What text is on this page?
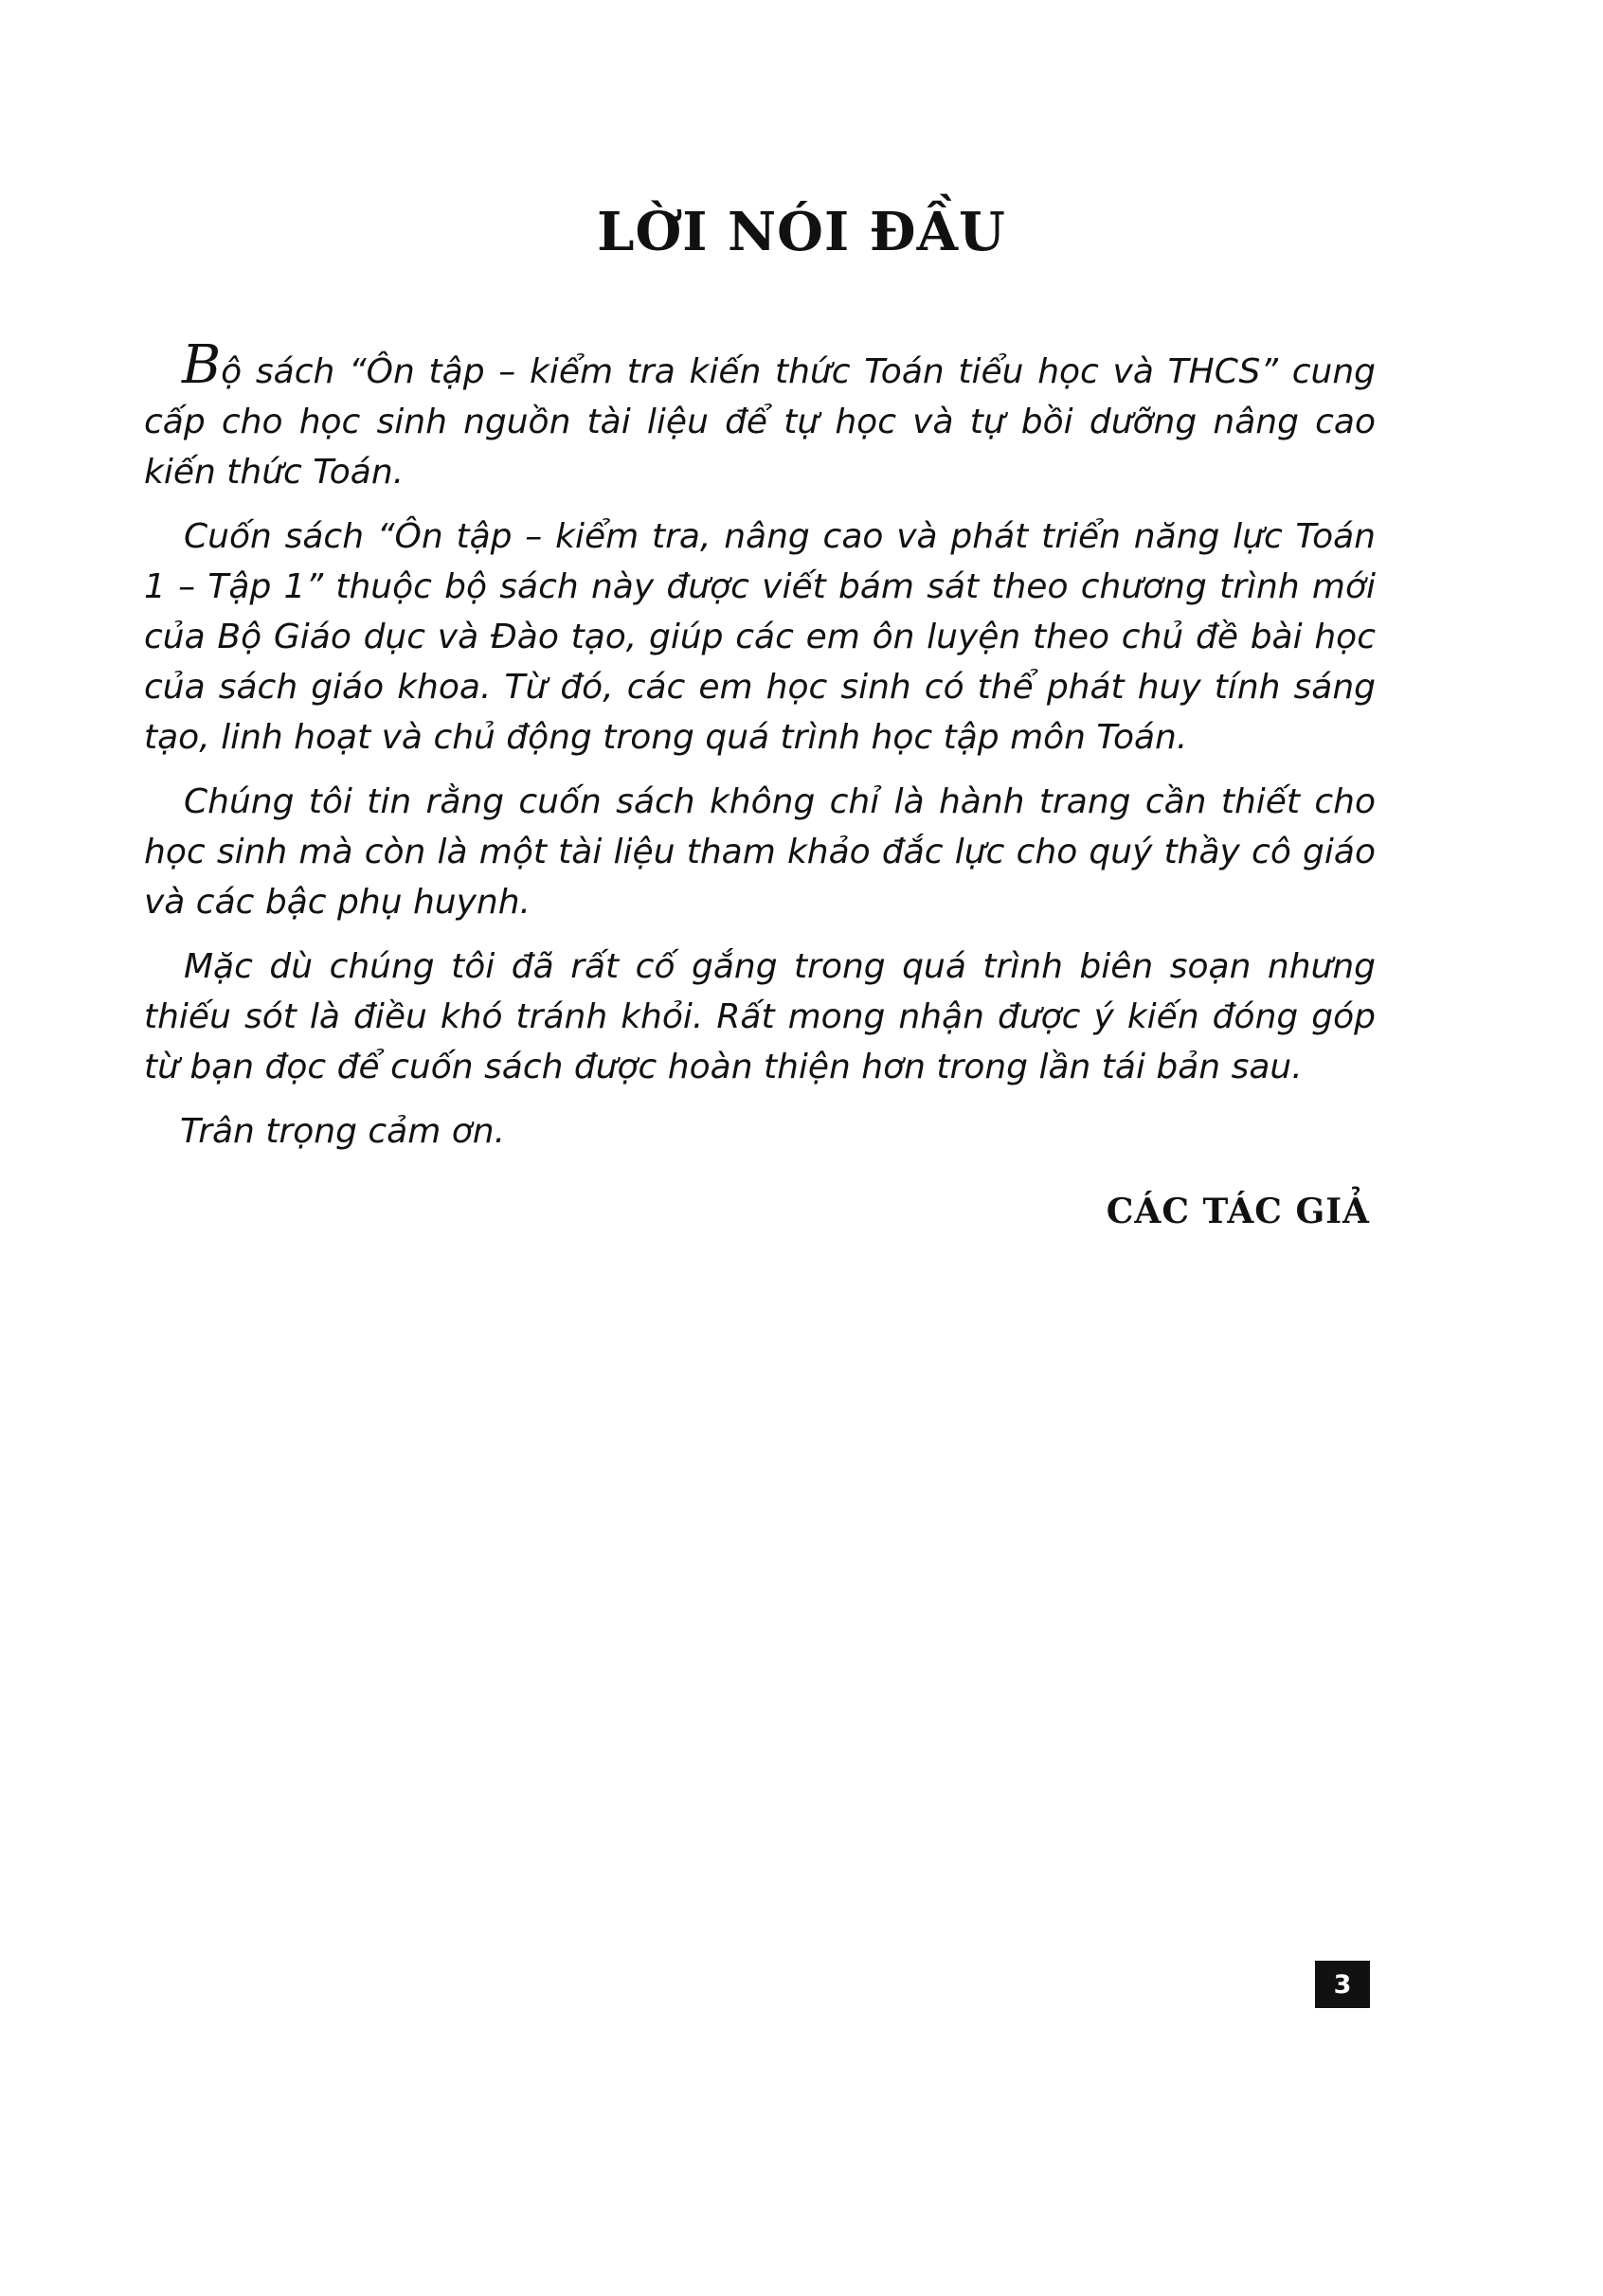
LỜI NÓI ĐẦU

Bộ sách “Ôn tập – kiểm tra kiến thức Toán tiểu học và THCS” cung cấp cho học sinh nguồn tài liệu để tự học và tự bồi dưỡng nâng cao kiến thức Toán.

Cuốn sách “Ôn tập – kiểm tra, nâng cao và phát triển năng lực Toán 1 – Tập 1” thuộc bộ sách này được viết bám sát theo chương trình mới của Bộ Giáo dục và Đào tạo, giúp các em ôn luyện theo chủ đề bài học của sách giáo khoa. Từ đó, các em học sinh có thể phát huy tính sáng tạo, linh hoạt và chủ động trong quá trình học tập môn Toán.

Chúng tôi tin rằng cuốn sách không chỉ là hành trang cần thiết cho học sinh mà còn là một tài liệu tham khảo đắc lực cho quý thầy cô giáo và các bậc phụ huynh.

Mặc dù chúng tôi đã rất cố gắng trong quá trình biên soạn nhưng thiếu sót là điều khó tránh khỏi. Rất mong nhận được ý kiến đóng góp từ bạn đọc để cuốn sách được hoàn thiện hơn trong lần tái bản sau.

Trân trọng cảm ơn.

CÁC TÁC GIẢ

3
